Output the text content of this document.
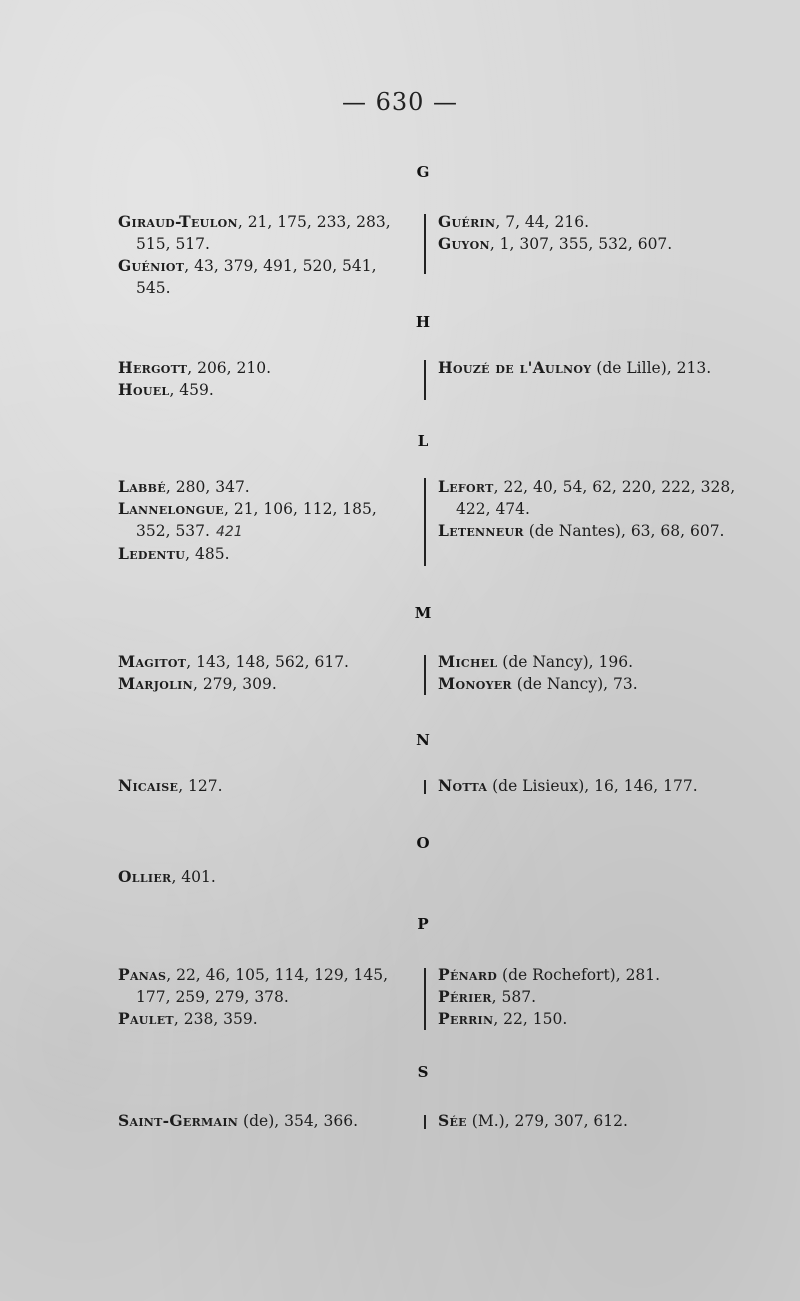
— 630 —
G
Giraud-Teulon, 21, 175, 233, 283, 515, 517.
Guéniot, 43, 379, 491, 520, 541, 545.
Guérin, 7, 44, 216.
Guyon, 1, 307, 355, 532, 607.
H
Hergott, 206, 210.
Houel, 459.
Houzé de l'Aulnoy (de Lille), 213.
L
Labbé, 280, 347.
Lannelongue, 21, 106, 112, 185, 352, 537. 421
Ledentu, 485.
Lefort, 22, 40, 54, 62, 220, 222, 328, 422, 474.
Letenneur (de Nantes), 63, 68, 607.
M
Magitot, 143, 148, 562, 617.
Marjolin, 279, 309.
Michel (de Nancy), 196.
Monoyer (de Nancy), 73.
N
Nicaise, 127.	Notta (de Lisieux), 16, 146, 177.
O
Ollier, 401.
P
Panas, 22, 46, 105, 114, 129, 145, 177, 259, 279, 378.
Paulet, 238, 359.
Pénard (de Rochefort), 281.
Périer, 587.
Perrin, 22, 150.
S
Saint-Germain (de), 354, 366.	Sée (M.), 279, 307, 612.
